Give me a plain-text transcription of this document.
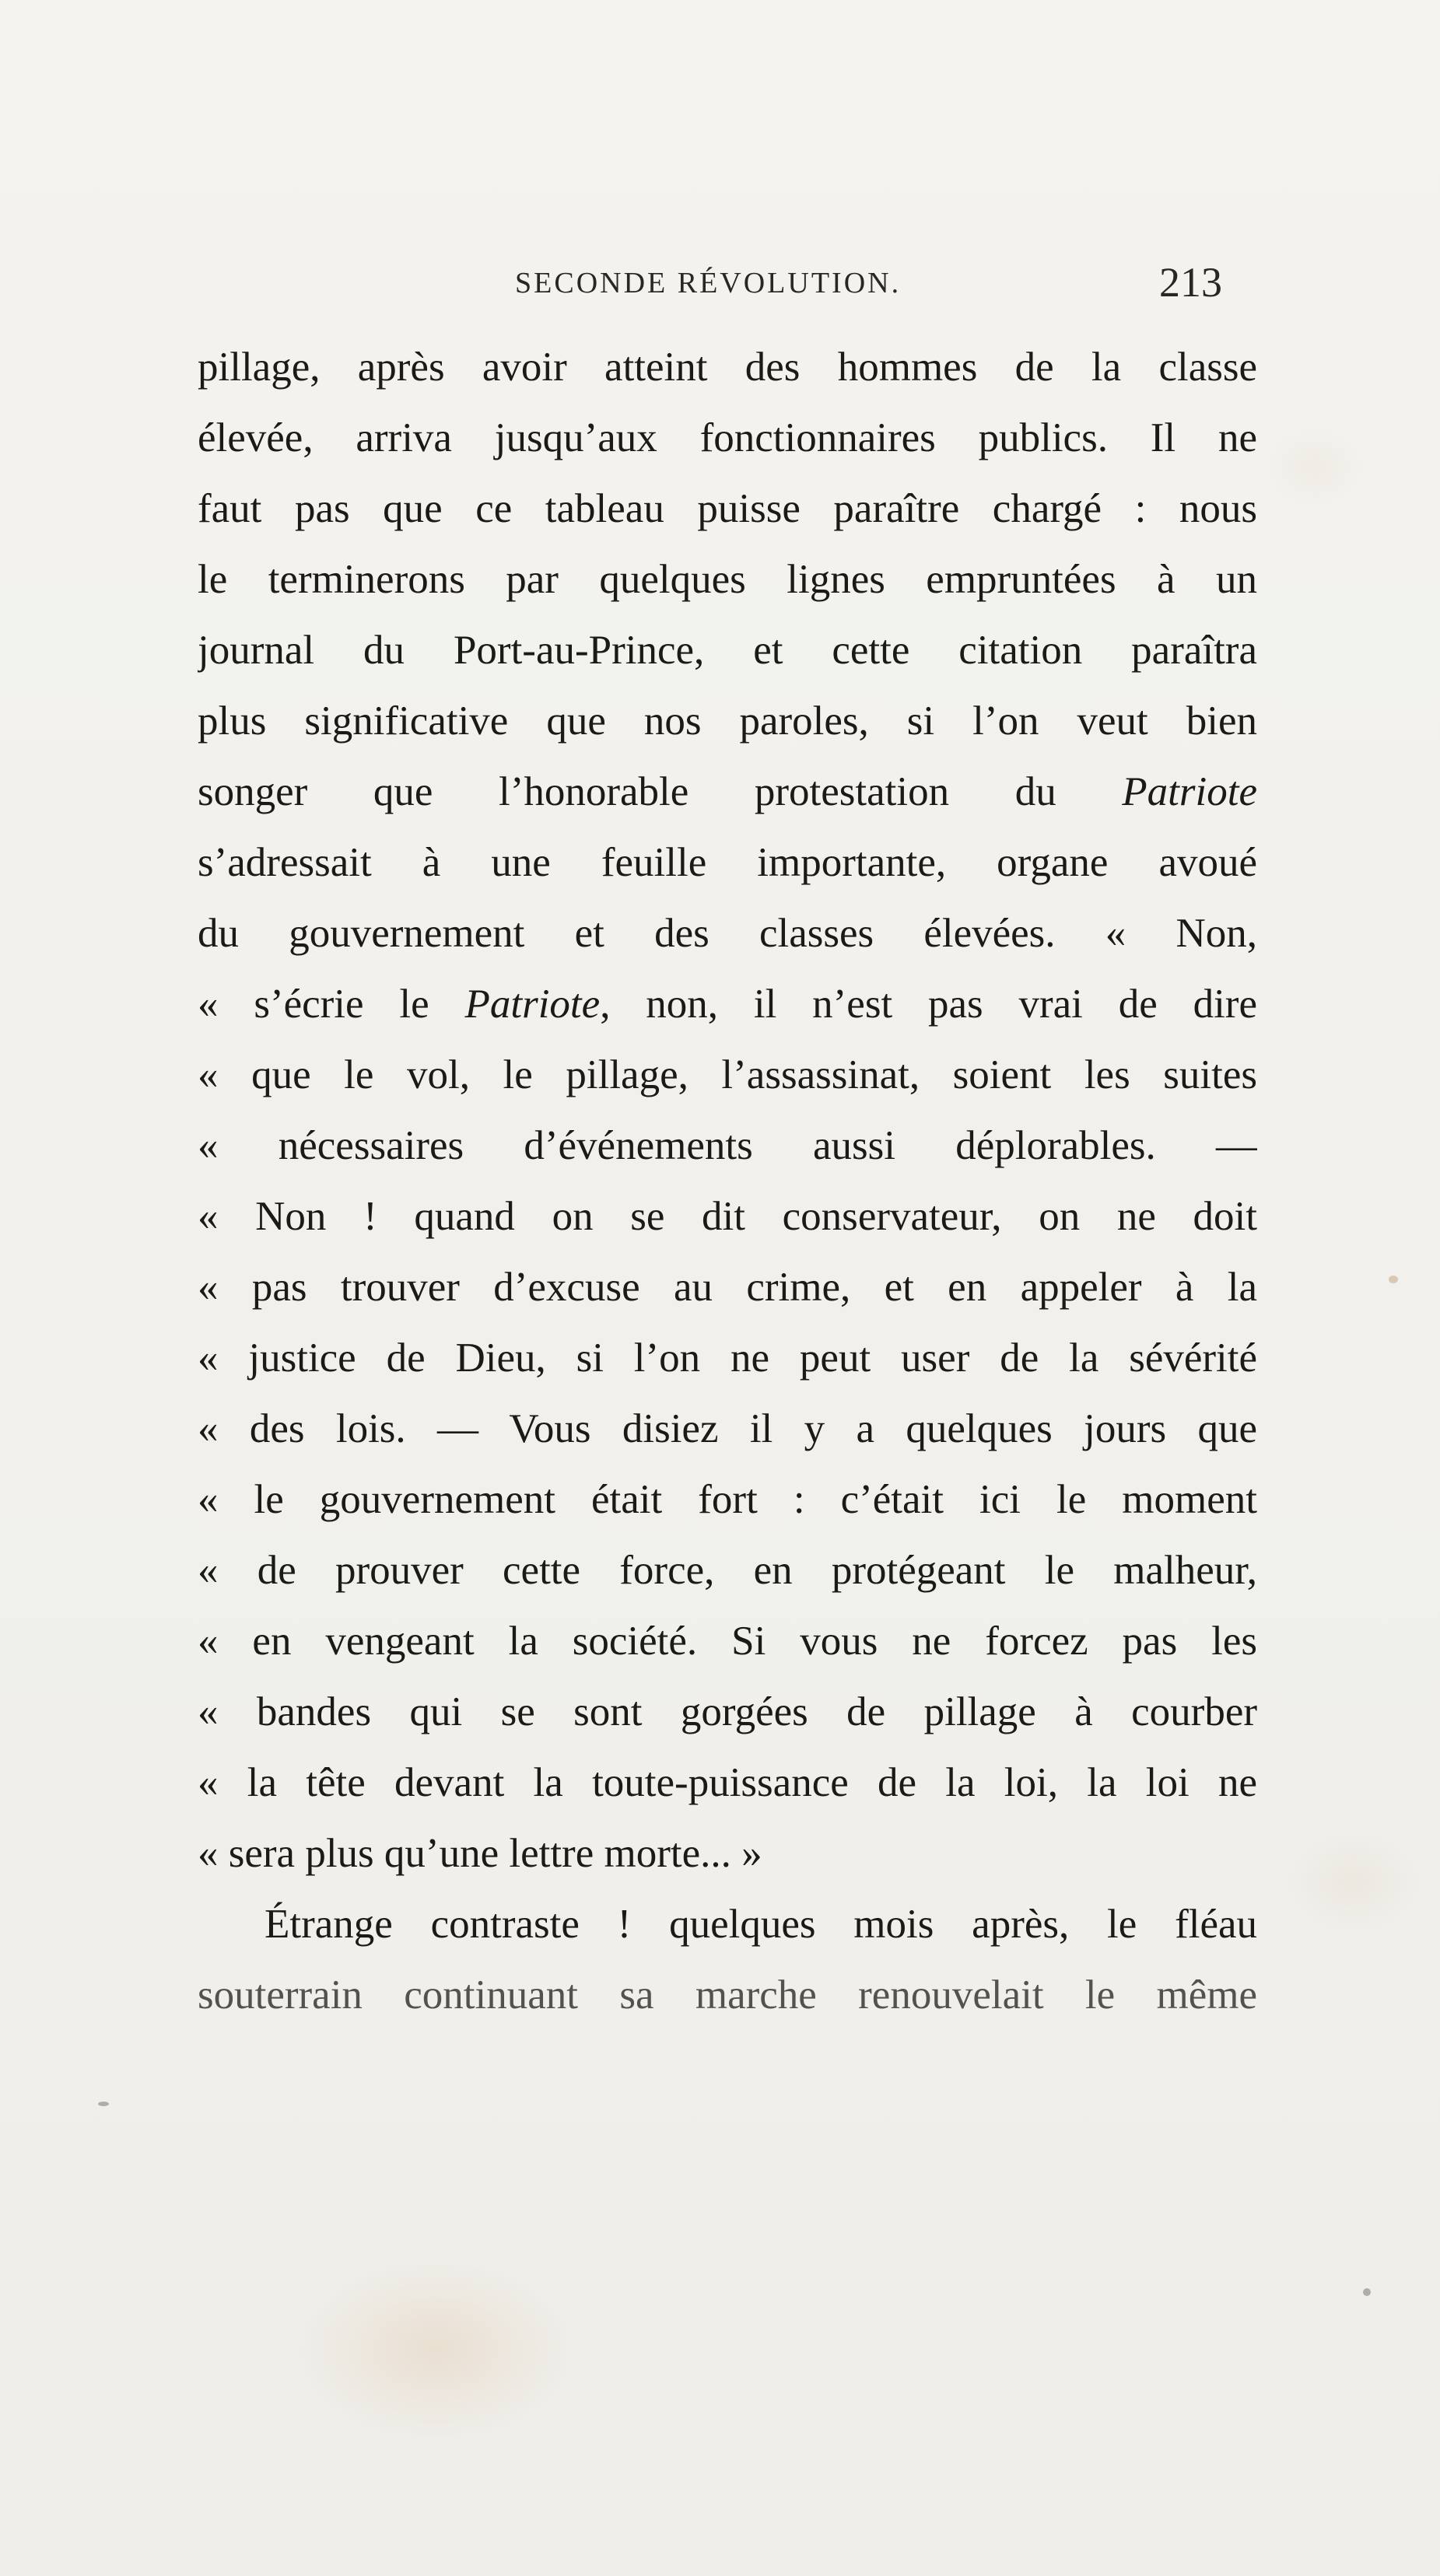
SECONDE RÉVOLUTION.	213
pillage, après avoir atteint des hommes de la classe
élevée, arriva jusqu’aux fonctionnaires publics. Il ne
faut pas que ce tableau puisse paraître chargé : nous
le terminerons par quelques lignes empruntées à un
journal du Port-au-Prince, et cette citation paraîtra
plus significative que nos paroles, si l’on veut bien
songer que l’honorable protestation du Patriote
s’adressait à une feuille importante, organe avoué
du gouvernement et des classes élevées. « Non,
« s’écrie le Patriote, non, il n’est pas vrai de dire
« que le vol, le pillage, l’assassinat, soient les suites
« nécessaires d’événements aussi déplorables. —
« Non ! quand on se dit conservateur, on ne doit
« pas trouver d’excuse au crime, et en appeler à la
« justice de Dieu, si l’on ne peut user de la sévérité
« des lois. — Vous disiez il y a quelques jours que
« le gouvernement était fort : c’était ici le moment
« de prouver cette force, en protégeant le malheur,
« en vengeant la société. Si vous ne forcez pas les
« bandes qui se sont gorgées de pillage à courber
« la tête devant la toute-puissance de la loi, la loi ne
« sera plus qu’une lettre morte... »
Étrange contraste ! quelques mois après, le fléau
souterrain continuant sa marche renouvelait le même
